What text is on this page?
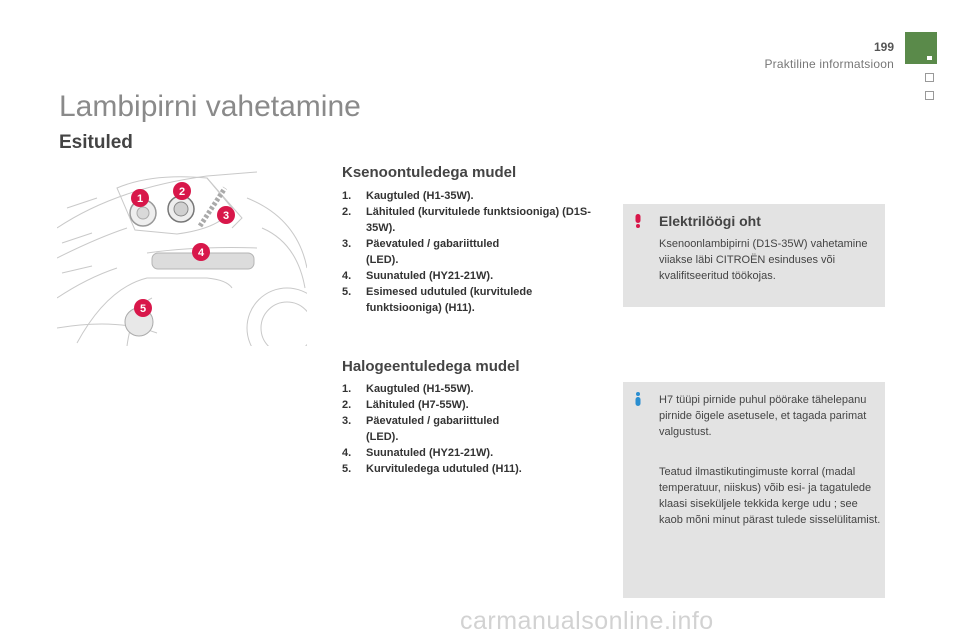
199
Praktiline informatsioon
Lambipirni vahetamine
Esituled
1
2
3
4
5
Ksenoontuledega mudel
1. Kaugtuled (H1-35W).
2. Lähituled (kurvitulede funktsiooniga) (D1S-35W).
3. Päevatuled / gabariittuled (LED).
4. Suunatuled (HY21-21W).
5. Esimesed udutuled (kurvitulede funktsiooniga) (H11).
Halogeentuledega mudel
1. Kaugtuled (H1-55W).
2. Lähituled (H7-55W).
3. Päevatuled / gabariittuled (LED).
4. Suunatuled (HY21-21W).
5. Kurvituledega udutuled (H11).
Elektrilöögi oht

Ksenoonlambipirni (D1S-35W) vahetamine viiakse läbi CITROËN esinduses või kvalifitseeritud töökojas.

H7 tüüpi pirnide puhul pöörake tähelepanu pirnide õigele asetusele, et tagada parimat valgustust.

Teatud ilmastikutingimuste korral (madal temperatuur, niiskus) võib esi- ja tagatulede klaasi siseküljele tekkida kerge udu ; see kaob mõni minut pärast tulede sisselülitamist.

carmanualsonline.info
